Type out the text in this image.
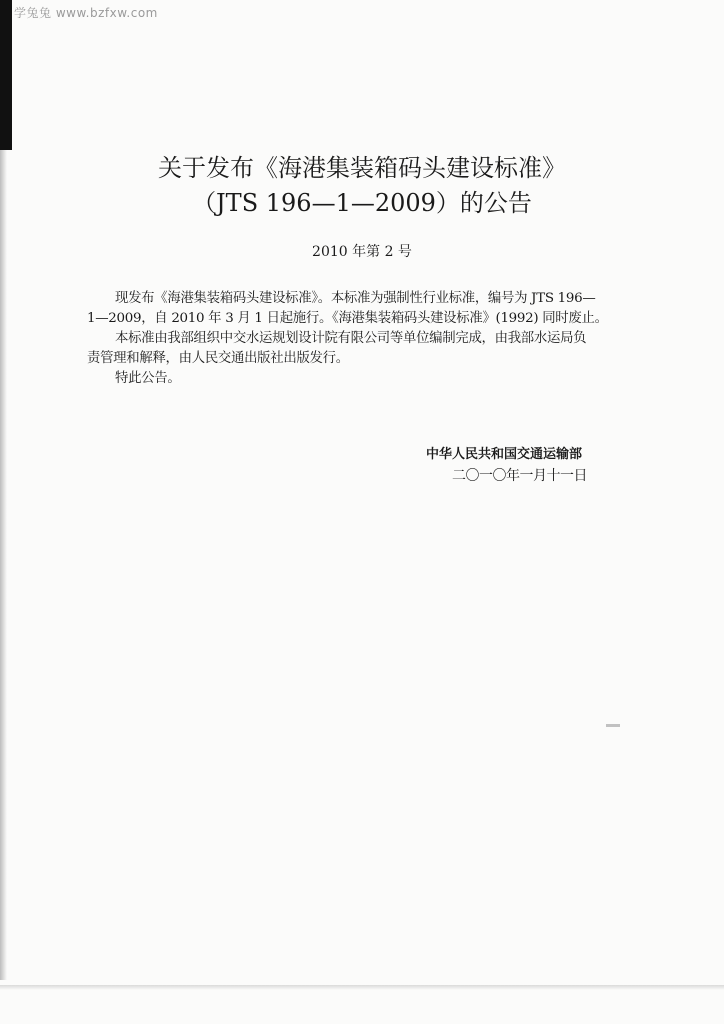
学兔兔 www.bzfxw.com
关于发布《海港集装箱码头建设标准》
（JTS 196—1—2009）的公告
2010 年第 2 号

现发布《海港集装箱码头建设标准》。本标准为强制性行业标准，编号为 JTS 196—

1—2009，自 2010 年 3 月 1 日起施行。《海港集装箱码头建设标准》(1992) 同时废止。

本标准由我部组织中交水运规划设计院有限公司等单位编制完成，由我部水运局负

责管理和解释，由人民交通出版社出版发行。

特此公告。

中华人民共和国交通运输部
二〇一〇年一月十一日
